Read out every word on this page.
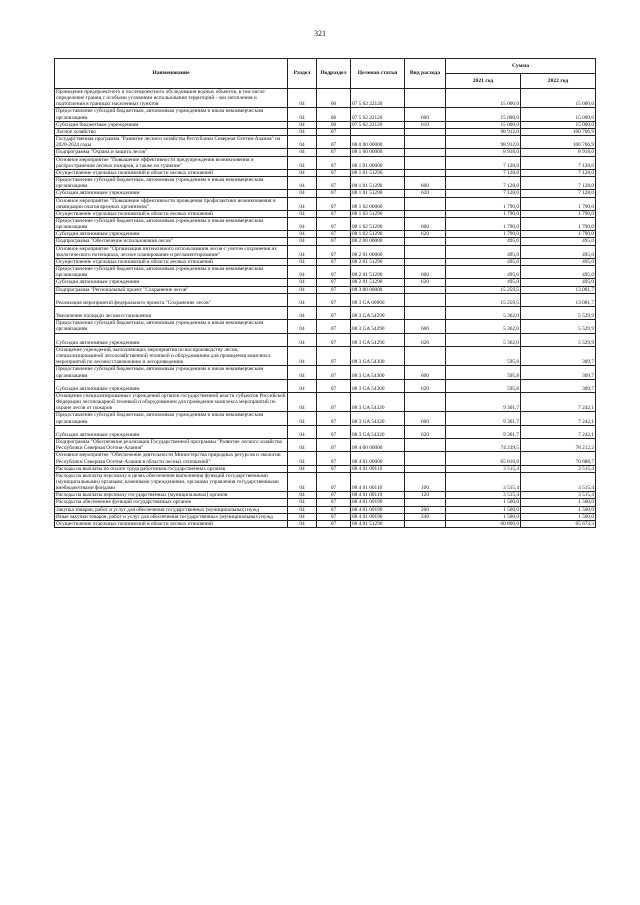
321
Наименование	Раздел	Подраздел	Целевая статья	Вид расхода	Сумма	
					2021 год	2022 год
Проведение предпроектного и послепроектного обследования водных объектов, в том числе определение границ с особыми условиями использования территорий - зон затопления и подтопления в границах населенных пунктов	04	06	07 5 02 22120		15 000,0	15 000,0
Предоставление субсидий бюджетным, автономным учреждениям и иным некоммерческим организациям	04	06	07 5 02 22120	600	15 000,0	15 000,0
Субсидии бюджетным учреждениям	04	06	07 5 02 22120	610	15 000,0	15 000,0
Лесное хозяйство	04	07			98 912,0	100 706,9
Государственная программа "Развитие лесного хозяйства Республики Северная Осетия-Алания" на 2020-2024 годы	04	07	08 0 00 00000		98 912,0	100 706,9
Подпрограмма "Охрана и защита лесов"	04	07	08 1 00 00000		8 918,0	8 918,0
Основное мероприятие "Повышение эффективности предупреждения возникновения и распространения лесных пожаров, а также их тушение"	04	07	08 1 01 00000		7 128,0	7 128,0
Осуществление отдельных полномочий в области лесных отношений	04	07	08 1 01 51290		7 128,0	7 128,0
Предоставление субсидий бюджетным, автономным учреждениям и иным некоммерческим организациям	04	07	08 1 01 51290	600	7 128,0	7 128,0
Субсидии автономным учреждениям	04	07	08 1 01 51290	620	7 128,0	7 128,0
Основное мероприятие "Повышение эффективности проведения профилактики возникновения и ликвидации очагов вредных организмов"	04	07	08 1 02 00000		1 790,0	1 790,0
Осуществление отдельных полномочий в области лесных отношений	04	07	08 1 02 51290		1 790,0	1 790,0
Предоставление субсидий бюджетным, автономным учреждениям и иным некоммерческим организациям	04	07	08 1 02 51290	600	1 790,0	1 790,0
Субсидии автономным учреждениям	04	07	08 1 02 51290	620	1 790,0	1 790,0
Подпрограмма "Обеспечение использования лесов"	04	07	08 2 00 00000		495,0	495,0
Основное мероприятие "Организация интенсивного использования лесов с учетом сохранения их экологического потенциала, лесное планирование и регламентирование"	04	07	08 2 01 00000		495,0	495,0
Осуществление отдельных полномочий в области лесных отношений	04	07	08 2 01 51290		495,0	495,0
Предоставление субсидий бюджетным, автономным учреждениям и иным некоммерческим организациям	04	07	08 2 01 51290	600	495,0	495,0
Субсидии автономным учреждениям	04	07	08 2 01 51290	620	495,0	495,0
Подпрограмма "Региональный проект "Сохранение лесов"	04	07	08 3 00 00000		15 259,5	13 081,7
Реализация мероприятий федерального проекта "Сохранение лесов"	04	07	08 3 GA 00000		15 259,5	13 081,7
Увеличение площади лесовосстановления	04	07	08 3 GA 54290		5 362,0	5 529,9
Предоставление субсидий бюджетным, автономным учреждениям и иным некоммерческим организациям	04	07	08 3 GA 54290	600	5 362,0	5 529,9
Субсидии автономным учреждениям	04	07	08 3 GA 54290	620	5 362,0	5 529,9
Оснащение учреждений, выполняющих мероприятия по воспроизводству лесов, специализированной лесохозяйственной техникой и оборудованием для проведения комплекса мероприятий по лесовосстановлению и лесоразведению	04	07	08 3 GA 54300		595,8	309,7
Предоставление субсидий бюджетным, автономным учреждениям и иным некоммерческим организациям	04	07	08 3 GA 54300	600	595,8	309,7
Субсидии автономным учреждениям	04	07	08 3 GA 54300	620	595,8	309,7
Оснащение специализированных учреждений органов государственной власти субъектов Российской Федерации лесопожарной техникой и оборудованием для проведения комплекса мероприятий по охране лесов от пожаров	04	07	08 3 GA 54320		9 301,7	7 242,1
Предоставление субсидий бюджетным, автономным учреждениям и иным некоммерческим организациям	04	07	08 3 GA 54320	600	9 301,7	7 242,1
Субсидии автономным учреждениям	04	07	08 3 GA 54320	620	9 301,7	7 242,1
Подпрограмма "Обеспечение реализации Государственной программы "Развитие лесного хозяйства Республики Северная Осетия-Алания"	04	07	08 4 00 00000		74 239,5	78 212,2
Основное мероприятие "Обеспечение деятельности Министерства природных ресурсов и экологии Республики Северная Осетия-Алания в области лесных отношений"	04	07	08 4 01 00000		65 816,0	70 688,7
Расходы на выплаты по оплате труда работников государственных органов	04	07	08 4 01 00110		3 515,4	3 515,4
Расходы на выплаты персоналу в целях обеспечения выполнения функций государственными (муниципальными) органами, казенными учреждениями, органами управления государственными внебюджетными фондами	04	07	08 4 01 00110	100	3 515,4	3 515,4
Расходы на выплаты персоналу государственных (муниципальных) органов	04	07	08 4 01 00110	120	3 515,4	3 515,4
Расходы на обеспечение функций государственных органов	04	07	08 4 01 00190		1 500,0	1 500,0
Закупка товаров, работ и услуг для обеспечения государственных (муниципальных) нужд	04	07	08 4 01 00190	200	1 500,0	1 500,0
Иные закупки товаров, работ и услуг для обеспечения государственных (муниципальных) нужд	04	07	08 4 01 00190	240	1 500,0	1 500,0
Осуществление отдельных полномочий в области лесных отношений	04	07	08 4 01 51290		60 800,6	65 673,3
